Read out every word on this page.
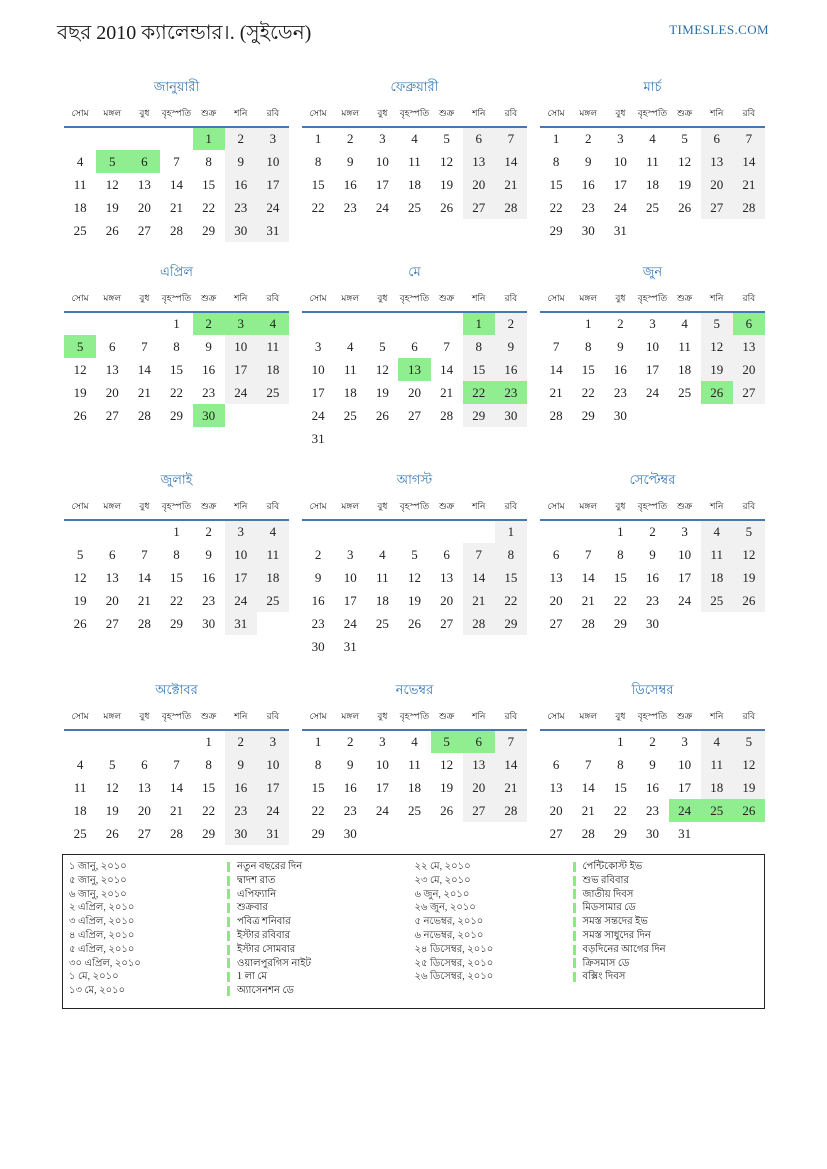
বছর 2010 ক্যালেন্ডার।. (সুইডেন)	TIMESLES.COM
জানুয়ারী
সোম	মঙ্গল	বুধ	বৃহস্পতি	শুক্র	শনি	রবি
				1	2	3
4	5	6	7	8	9	10
11	12	13	14	15	16	17
18	19	20	21	22	23	24
25	26	27	28	29	30	31
ফেব্রুয়ারী
সোম	মঙ্গল	বুধ	বৃহস্পতি	শুক্র	শনি	রবি
1	2	3	4	5	6	7
8	9	10	11	12	13	14
15	16	17	18	19	20	21
22	23	24	25	26	27	28
মার্চ
সোম	মঙ্গল	বুধ	বৃহস্পতি	শুক্র	শনি	রবি
1	2	3	4	5	6	7
8	9	10	11	12	13	14
15	16	17	18	19	20	21
22	23	24	25	26	27	28
29	30	31				
এপ্রিল
সোম	মঙ্গল	বুধ	বৃহস্পতি	শুক্র	শনি	রবি
			1	2	3	4
5	6	7	8	9	10	11
12	13	14	15	16	17	18
19	20	21	22	23	24	25
26	27	28	29	30		
মে
সোম	মঙ্গল	বুধ	বৃহস্পতি	শুক্র	শনি	রবি
					1	2
3	4	5	6	7	8	9
10	11	12	13	14	15	16
17	18	19	20	21	22	23
24	25	26	27	28	29	30
31						
জুন
সোম	মঙ্গল	বুধ	বৃহস্পতি	শুক্র	শনি	রবি
	1	2	3	4	5	6
7	8	9	10	11	12	13
14	15	16	17	18	19	20
21	22	23	24	25	26	27
28	29	30				
জুলাই
সোম	মঙ্গল	বুধ	বৃহস্পতি	শুক্র	শনি	রবি
			1	2	3	4
5	6	7	8	9	10	11
12	13	14	15	16	17	18
19	20	21	22	23	24	25
26	27	28	29	30	31	
আগস্ট
সোম	মঙ্গল	বুধ	বৃহস্পতি	শুক্র	শনি	রবি
						1
2	3	4	5	6	7	8
9	10	11	12	13	14	15
16	17	18	19	20	21	22
23	24	25	26	27	28	29
30	31					
সেপ্টেম্বর
সোম	মঙ্গল	বুধ	বৃহস্পতি	শুক্র	শনি	রবি
		1	2	3	4	5
6	7	8	9	10	11	12
13	14	15	16	17	18	19
20	21	22	23	24	25	26
27	28	29	30			
অক্টোবর
সোম	মঙ্গল	বুধ	বৃহস্পতি	শুক্র	শনি	রবি
				1	2	3
4	5	6	7	8	9	10
11	12	13	14	15	16	17
18	19	20	21	22	23	24
25	26	27	28	29	30	31
নভেম্বর
সোম	মঙ্গল	বুধ	বৃহস্পতি	শুক্র	শনি	রবি
1	2	3	4	5	6	7
8	9	10	11	12	13	14
15	16	17	18	19	20	21
22	23	24	25	26	27	28
29	30					
ডিসেম্বর
সোম	মঙ্গল	বুধ	বৃহস্পতি	শুক্র	শনি	রবি
		1	2	3	4	5
6	7	8	9	10	11	12
13	14	15	16	17	18	19
20	21	22	23	24	25	26
27	28	29	30	31		
১ জানু, ২০১০	নতুন বছরের দিন
৫ জানু, ২০১০	দ্বাদশ রাত
৬ জানু, ২০১০	এপিফ্যানি
২ এপ্রিল, ২০১০	শুক্রবার
৩ এপ্রিল, ২০১০	পবিত্র শনিবার
৪ এপ্রিল, ২০১০	ইস্টার রবিবার
৫ এপ্রিল, ২০১০	ইস্টার সোমবার
৩০ এপ্রিল, ২০১০	ওয়ালপুরগিস নাইট
১ মে, ২০১০	1 লা মে
১৩ মে, ২০১০	অ্যাসেনশন ডে
২২ মে, ২০১০	পেন্টিকোস্ট ইভ
২৩ মে, ২০১০	শুভ রবিবার
৬ জুন, ২০১০	জাতীয় দিবস
২৬ জুন, ২০১০	মিডসামার ডে
৫ নভেম্বর, ২০১০	সমস্ত সন্তদের ইভ
৬ নভেম্বর, ২০১০	সমস্ত সাধুদের দিন
২৪ ডিসেম্বর, ২০১০	বড়দিনের আগের দিন
২৫ ডিসেম্বর, ২০১০	ক্রিসমাস ডে
২৬ ডিসেম্বর, ২০১০	বক্সিং দিবস
